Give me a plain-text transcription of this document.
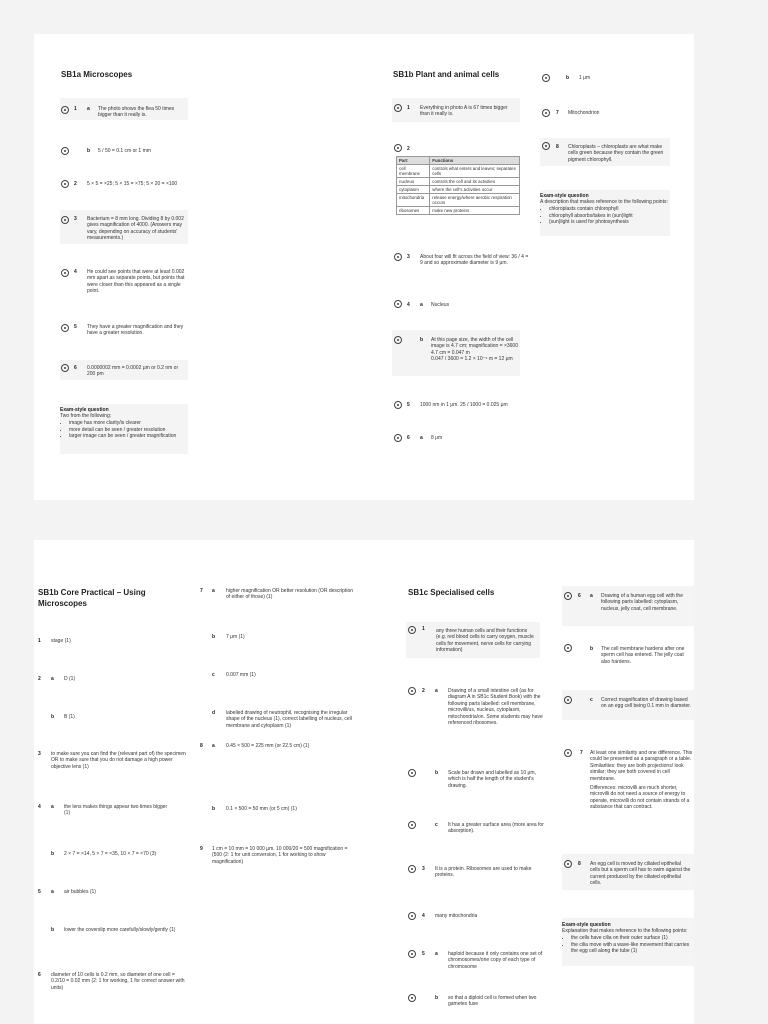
SB1a Microscopes
1 a The photo shows the flea 50 times bigger than it really is.
b 5 / 50 = 0.1 cm or 1 mm
2 5 × 5 = ×25; 5 × 15 = ×75; 5 × 20 = ×100
3 Bacterium = 8 mm long. Dividing 8 by 0.002 gives magnification of 4000. (Answers may vary, depending on accuracy of students' measurements.)
4 He could see points that were at least 0.002 mm apart as separate points, but points that were closer than this appeared as a single point.
5 They have a greater magnification and they have a greater resolution.
6 0.0000002 mm = 0.0002 μm or 0.2 nm or 200 pm
Exam-style question
Two from the following:
• image has more clarity/is clearer
• more detail can be seen / greater resolution
• larger image can be seen / greater magnification
SB1b Plant and animal cells
1 Everything in photo A is 67 times bigger than it really is.
2
Part	Functions
cell membrane	controls what enters and leaves; separates cells
nucleus	controls the cell and its activities
cytoplasm	where the cell's activities occur
mitochondria	release energy/where aerobic respiration occurs
ribosomes	make new proteins
3 About four will fit across the field of view: 36 / 4 = 9 and so approximate diameter is 9 μm.
4 a Nucleus
b At this page size, the width of the cell image is 4.7 cm; magnification = ×3600
4.7 cm = 0.047 m
0.047 / 3600 = 1.2 × 10⁻⁵ m = 12 μm
5 1000 nm in 1 μm. 25 / 1000 = 0.025 μm
6 a 8 μm
b 1 μm
7 Mitochondrion
8 Chloroplasts – chloroplasts are what make cells green because they contain the green pigment chlorophyll.
Exam-style question
A description that makes reference to the following points:
• chloroplasts contain chlorophyll
• chlorophyll absorbs/takes in (sun)light
• (sun)light is used for photosynthesis
SB1b Core Practical – Using Microscopes
1 stage (1)
2 a D (1)
b B (1)
3 to make sure you can find the (relevant part of) the specimen OR to make sure that you do not damage a high power objective lens (1)
4 a the lens makes things appear two times bigger (1)
b 2 × 7 = ×14, 5 × 7 = ×35, 10 × 7 = ×70 (3)
5 a air bubbles (1)
b lower the coverslip more carefully/slowly/gently (1)
6 diameter of 10 cells is 0.2 mm, so diameter of one cell = 0.2/10 = 0.02 mm (2: 1 for working, 1 for correct answer with units)
7 a higher magnification OR better resolution (OR description of either of those) (1)
b 7 μm (1)
c 0.007 mm (1)
d labelled drawing of neutrophil, recognising the irregular shape of the nucleus (1), correct labelling of nucleus, cell membrane and cytoplasm (1)
8 a 0.45 × 500 = 225 mm (or 22.5 cm) (1)
b 0.1 × 500 = 50 mm (or 5 cm) (1)
9 1 cm = 10 mm = 10 000 μm. 10 000/20 = 500 magnification = (500 (2: 1 for unit conversion, 1 for working to show magnification)
SB1c Specialised cells
1 any three human cells and their functions (e.g. red blood cells to carry oxygen, muscle cells for movement, nerve cells for carrying information)
2 a Drawing of a small intestine cell (as for diagram A in SB1c Student Book) with the following parts labelled: cell membrane, microvilli/us, nucleus, cytoplasm, mitochondria/on. Some students may have referenced ribosomes.
b Scale bar drawn and labelled as 10 μm, which is half the length of the student's drawing.
c It has a greater surface area (more area for absorption).
3 It is a protein. Ribosomes are used to make proteins.
4 many mitochondria
5 a haploid because it only contains one set of chromosomes/one copy of each type of chromosome
b so that a diploid cell is formed when two gametes fuse
6 a Drawing of a human egg cell with the following parts labelled: cytoplasm, nucleus, jelly coat, cell membrane.
b The cell membrane hardens after one sperm cell has entered. The jelly coat also hardens.
c Correct magnification of drawing based on an egg cell being 0.1 mm in diameter.
7 At least one similarity and one difference. This could be presented as a paragraph or a table.
Similarities: they are both projections/ look similar; they are both covered in cell membrane.
Differences: microvilli are much shorter, microvilli do not need a source of energy to operate, microvilli do not contain strands of a substance that can contract.
8 An egg cell is moved by ciliated epithelial cells but a sperm cell has to swim against the current produced by the ciliated epithelial cells.
Exam-style question
Explanation that makes reference to the following points:
• the cells have cilia on their outer surface (1)
• the cilia move with a wave-like movement that carries the egg cell along the tube (1)
